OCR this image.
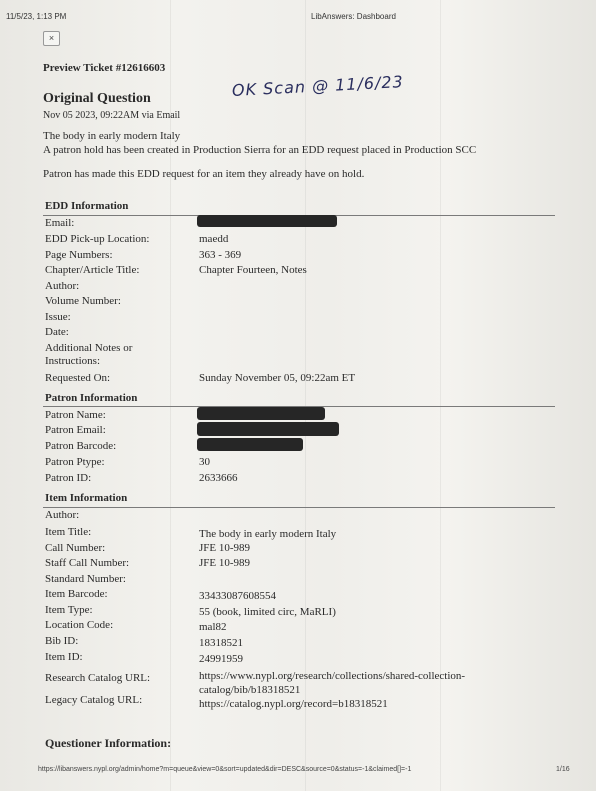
11/5/23, 1:13 PM	LibAnswers: Dashboard
×
Preview Ticket #12616603
Original Question
Nov 05 2023, 09:22AM via Email
OK Scan @ 11/6/23
The body in early modern Italy
A patron hold has been created in Production Sierra for an EDD request placed in Production SCC
Patron has made this EDD request for an item they already have on hold.
EDD Information
Email:
EDD Pick-up Location:	maedd
Page Numbers:	363 - 369
Chapter/Article Title:	Chapter Fourteen, Notes
Author:
Volume Number:
Issue:
Date:
Additional Notes or
Instructions:
Requested On:	Sunday November 05, 09:22am ET
Patron Information
Patron Name:
Patron Email:
Patron Barcode:
Patron Ptype:	30
Patron ID:	2633666
Item Information
Author:
Item Title:	The body in early modern Italy
Call Number:	JFE 10-989
Staff Call Number:	JFE 10-989
Standard Number:
Item Barcode:	33433087608554
Item Type:	55 (book, limited circ, MaRLI)
Location Code:	mal82
Bib ID:	18318521
Item ID:	24991959
Research Catalog URL:	https://www.nypl.org/research/collections/shared-collection-
catalog/bib/b18318521
Legacy Catalog URL:	https://catalog.nypl.org/record=b18318521
Questioner Information:
https://libanswers.nypl.org/admin/home?m=queue&view=0&sort=updated&dir=DESC&source=0&status=-1&claimed[]=-1	1/16
